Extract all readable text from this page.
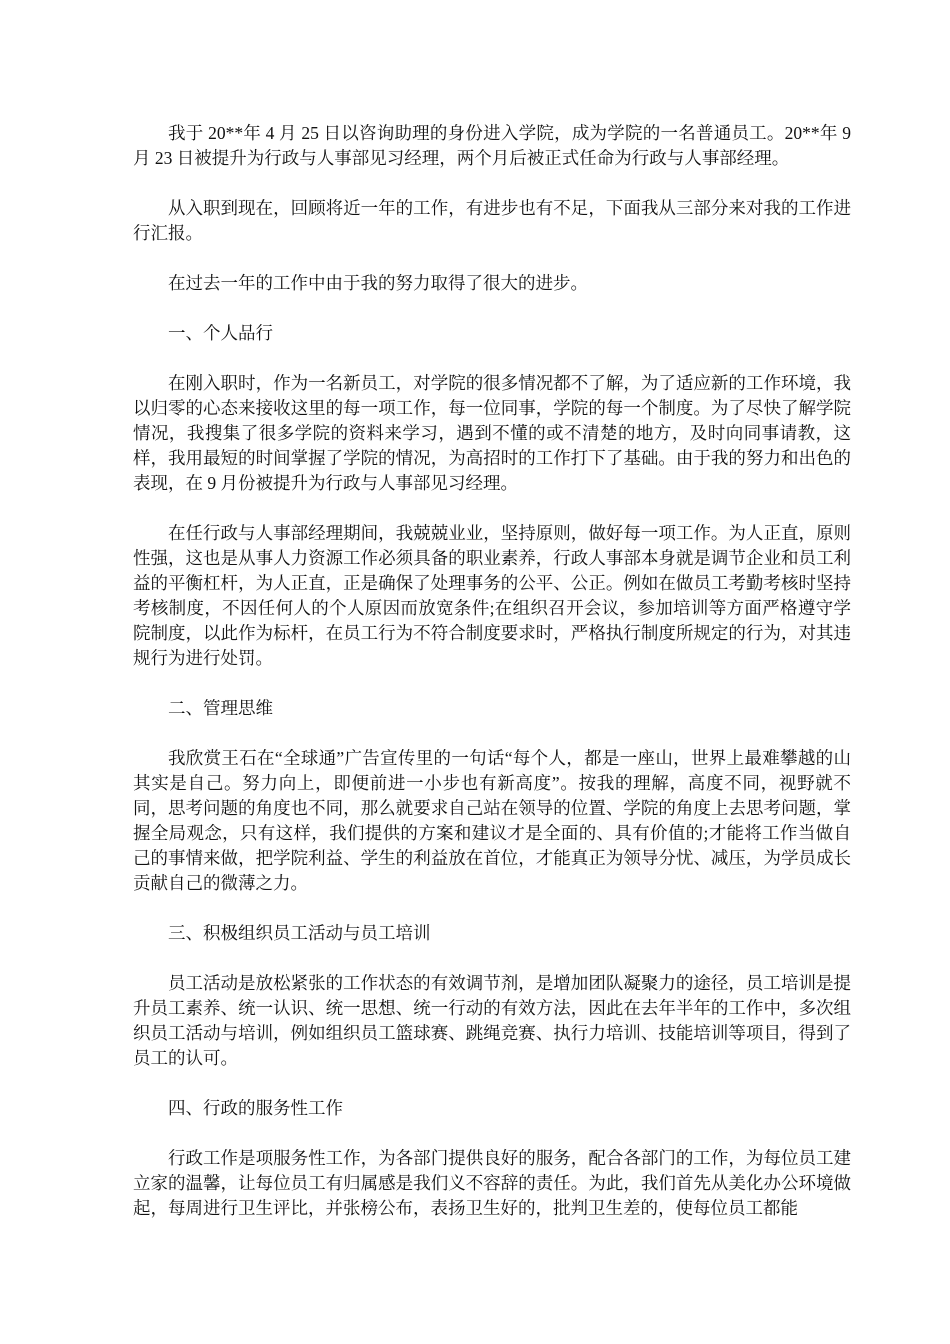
我于 20**年 4 月 25 日以咨询助理的身份进入学院，成为学院的一名普通员工。20**年 9 月 23 日被提升为行政与人事部见习经理，两个月后被正式任命为行政与人事部经理。

从入职到现在，回顾将近一年的工作，有进步也有不足，下面我从三部分来对我的工作进行汇报。

在过去一年的工作中由于我的努力取得了很大的进步。

一、个人品行

在刚入职时，作为一名新员工，对学院的很多情况都不了解，为了适应新的工作环境，我以归零的心态来接收这里的每一项工作，每一位同事，学院的每一个制度。为了尽快了解学院情况，我搜集了很多学院的资料来学习，遇到不懂的或不清楚的地方，及时向同事请教，这样，我用最短的时间掌握了学院的情况，为高招时的工作打下了基础。由于我的努力和出色的表现，在 9 月份被提升为行政与人事部见习经理。

在任行政与人事部经理期间，我兢兢业业，坚持原则，做好每一项工作。为人正直，原则性强，这也是从事人力资源工作必须具备的职业素养，行政人事部本身就是调节企业和员工利益的平衡杠杆，为人正直，正是确保了处理事务的公平、公正。例如在做员工考勤考核时坚持考核制度，不因任何人的个人原因而放宽条件;在组织召开会议，参加培训等方面严格遵守学院制度，以此作为标杆，在员工行为不符合制度要求时，严格执行制度所规定的行为，对其违规行为进行处罚。

二、管理思维

我欣赏王石在“全球通”广告宣传里的一句话“每个人，都是一座山，世界上最难攀越的山其实是自己。努力向上，即便前进一小步也有新高度”。按我的理解，高度不同，视野就不同，思考问题的角度也不同，那么就要求自己站在领导的位置、学院的角度上去思考问题，掌握全局观念，只有这样，我们提供的方案和建议才是全面的、具有价值的;才能将工作当做自己的事情来做，把学院利益、学生的利益放在首位，才能真正为领导分忧、减压，为学员成长贡献自己的微薄之力。

三、积极组织员工活动与员工培训

员工活动是放松紧张的工作状态的有效调节剂，是增加团队凝聚力的途径，员工培训是提升员工素养、统一认识、统一思想、统一行动的有效方法，因此在去年半年的工作中，多次组织员工活动与培训，例如组织员工篮球赛、跳绳竞赛、执行力培训、技能培训等项目，得到了员工的认可。

四、行政的服务性工作

行政工作是项服务性工作，为各部门提供良好的服务，配合各部门的工作，为每位员工建立家的温馨，让每位员工有归属感是我们义不容辞的责任。为此，我们首先从美化办公环境做起，每周进行卫生评比，并张榜公布，表扬卫生好的，批判卫生差的，使每位员工都能
